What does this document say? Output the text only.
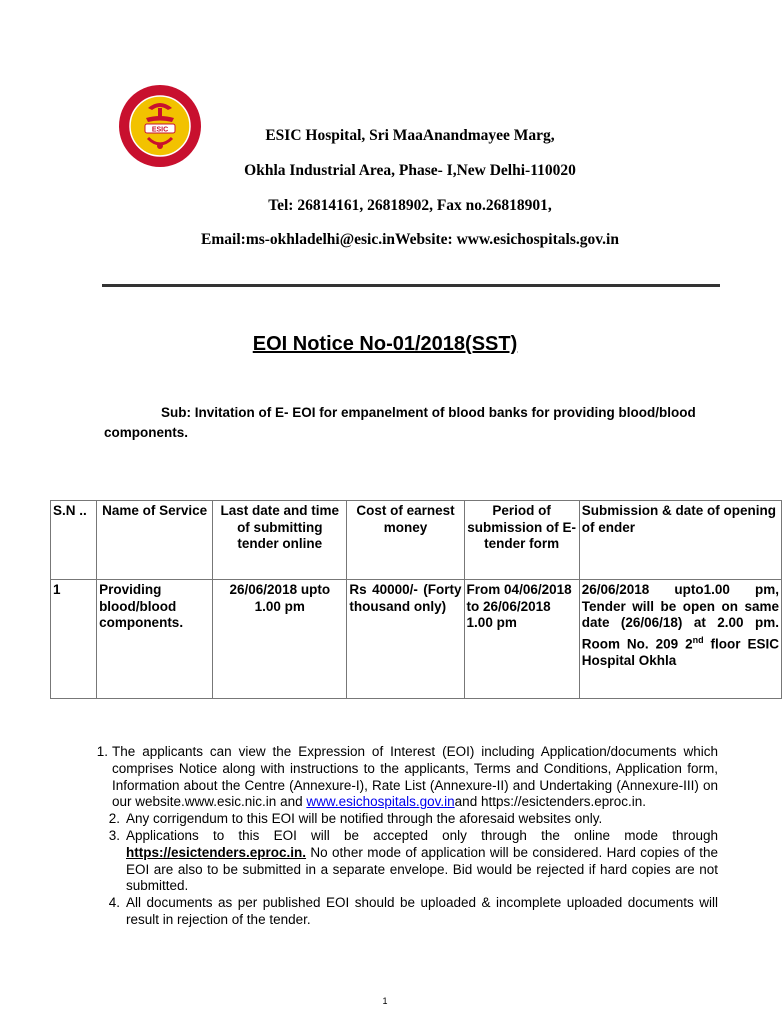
ESIC	ESIC Hospital, Sri MaaAnandmayee Marg,
Okhla Industrial Area, Phase- I,New Delhi-110020
Tel: 26814161, 26818902, Fax no.26818901,
Email:ms-okhladelhi@esic.inWebsite: www.esichospitals.gov.in
EOI Notice No-01/2018(SST)
Sub: Invitation of E- EOI for empanelment of blood banks for providing blood/blood components.
S.N ..	Name of Service	Last date and time of submitting tender online	Cost of earnest money	Period of submission of E-tender form	Submission & date of opening of ender
1	Providing blood/blood components.	26/06/2018 upto 1.00 pm	Rs 40000/- (Forty thousand only)	From 04/06/2018 to 26/06/2018 1.00 pm	26/06/2018 upto1.00 pm, Tender will be open on same date (26/06/18) at 2.00 pm. Room No. 209 2nd floor ESIC Hospital Okhla
1. The applicants can view the Expression of Interest (EOI) including Application/documents which comprises Notice along with instructions to the applicants, Terms and Conditions, Application form, Information about the Centre (Annexure-I), Rate List (Annexure-II) and Undertaking (Annexure-III) on our website.www.esic.nic.in and www.esichospitals.gov.inand https://esictenders.eproc.in.
2. Any corrigendum to this EOI will be notified through the aforesaid websites only.
3. Applications to this EOI will be accepted only through the online mode through https://esictenders.eproc.in. No other mode of application will be considered. Hard copies of the EOI are also to be submitted in a separate envelope. Bid would be rejected if hard copies are not submitted.
4. All documents as per published EOI should be uploaded & incomplete uploaded documents will result in rejection of the tender.
1
